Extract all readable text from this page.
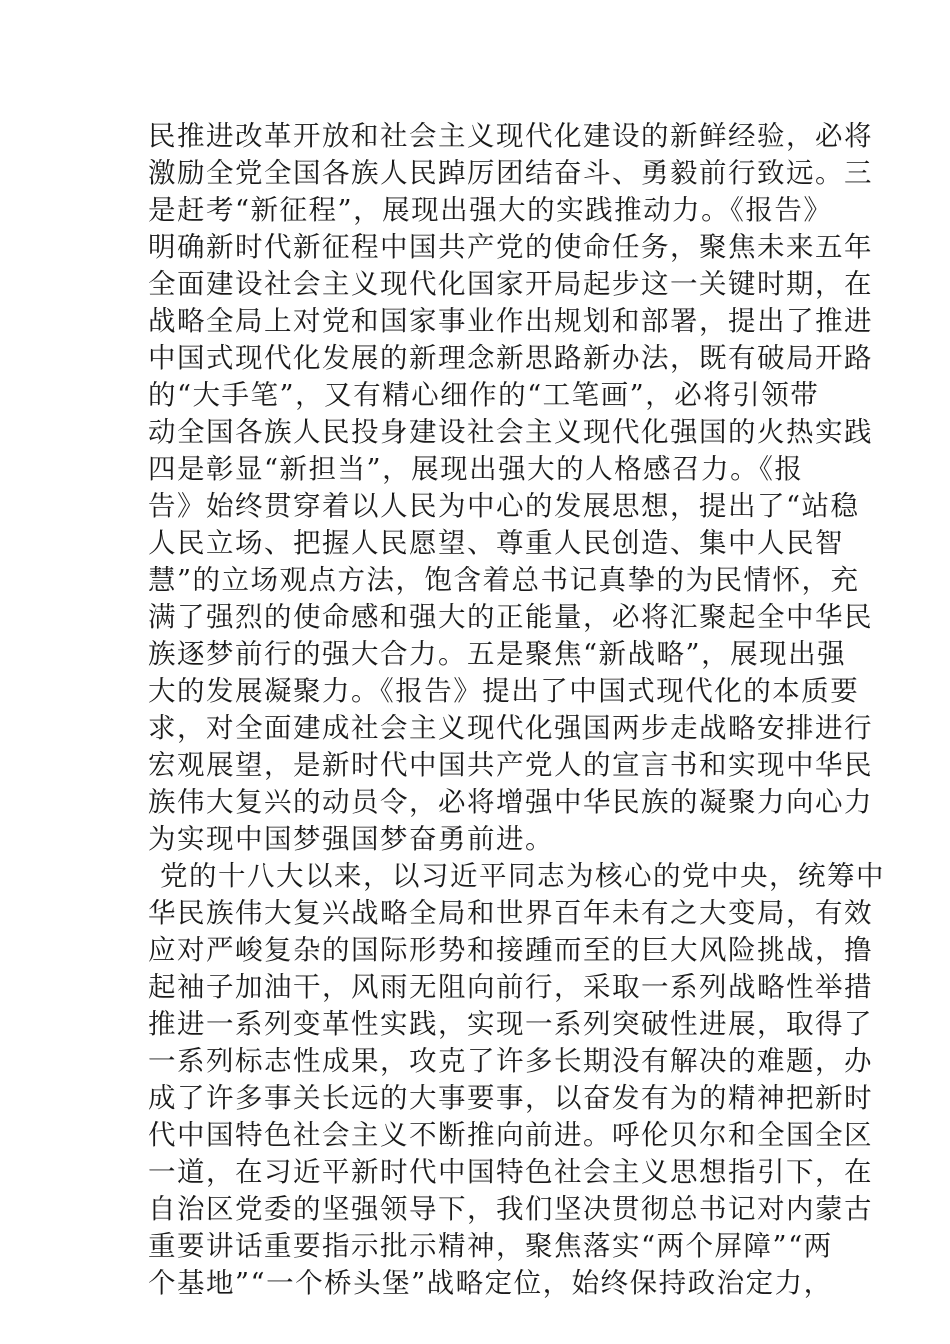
民推进改革开放和社会主义现代化建设的新鲜经验，必将
激励全党全国各族人民踔厉团结奋斗、勇毅前行致远。三
是赶考“新征程”，展现出强大的实践推动力。《报告》
明确新时代新征程中国共产党的使命任务，聚焦未来五年
全面建设社会主义现代化国家开局起步这一关键时期，在
战略全局上对党和国家事业作出规划和部署，提出了推进
中国式现代化发展的新理念新思路新办法，既有破局开路
的“大手笔”，又有精心细作的“工笔画”，必将引领带
动全国各族人民投身建设社会主义现代化强国的火热实践
四是彰显“新担当”，展现出强大的人格感召力。《报
告》始终贯穿着以人民为中心的发展思想，提出了“站稳
人民立场、把握人民愿望、尊重人民创造、集中人民智
慧”的立场观点方法，饱含着总书记真挚的为民情怀，充
满了强烈的使命感和强大的正能量，必将汇聚起全中华民
族逐梦前行的强大合力。五是聚焦“新战略”，展现出强
大的发展凝聚力。《报告》提出了中国式现代化的本质要
求，对全面建成社会主义现代化强国两步走战略安排进行
宏观展望，是新时代中国共产党人的宣言书和实现中华民
族伟大复兴的动员令，必将增强中华民族的凝聚力向心力
为实现中国梦强国梦奋勇前进。
党的十八大以来，以习近平同志为核心的党中央，统筹中
华民族伟大复兴战略全局和世界百年未有之大变局，有效
应对严峻复杂的国际形势和接踵而至的巨大风险挑战，撸
起袖子加油干，风雨无阻向前行，采取一系列战略性举措
推进一系列变革性实践，实现一系列突破性进展，取得了
一系列标志性成果，攻克了许多长期没有解决的难题，办
成了许多事关长远的大事要事，以奋发有为的精神把新时
代中国特色社会主义不断推向前进。呼伦贝尔和全国全区
一道，在习近平新时代中国特色社会主义思想指引下，在
自治区党委的坚强领导下，我们坚决贯彻总书记对内蒙古
重要讲话重要指示批示精神，聚焦落实“两个屏障”“两
个基地”“一个桥头堡”战略定位，始终保持政治定力，
